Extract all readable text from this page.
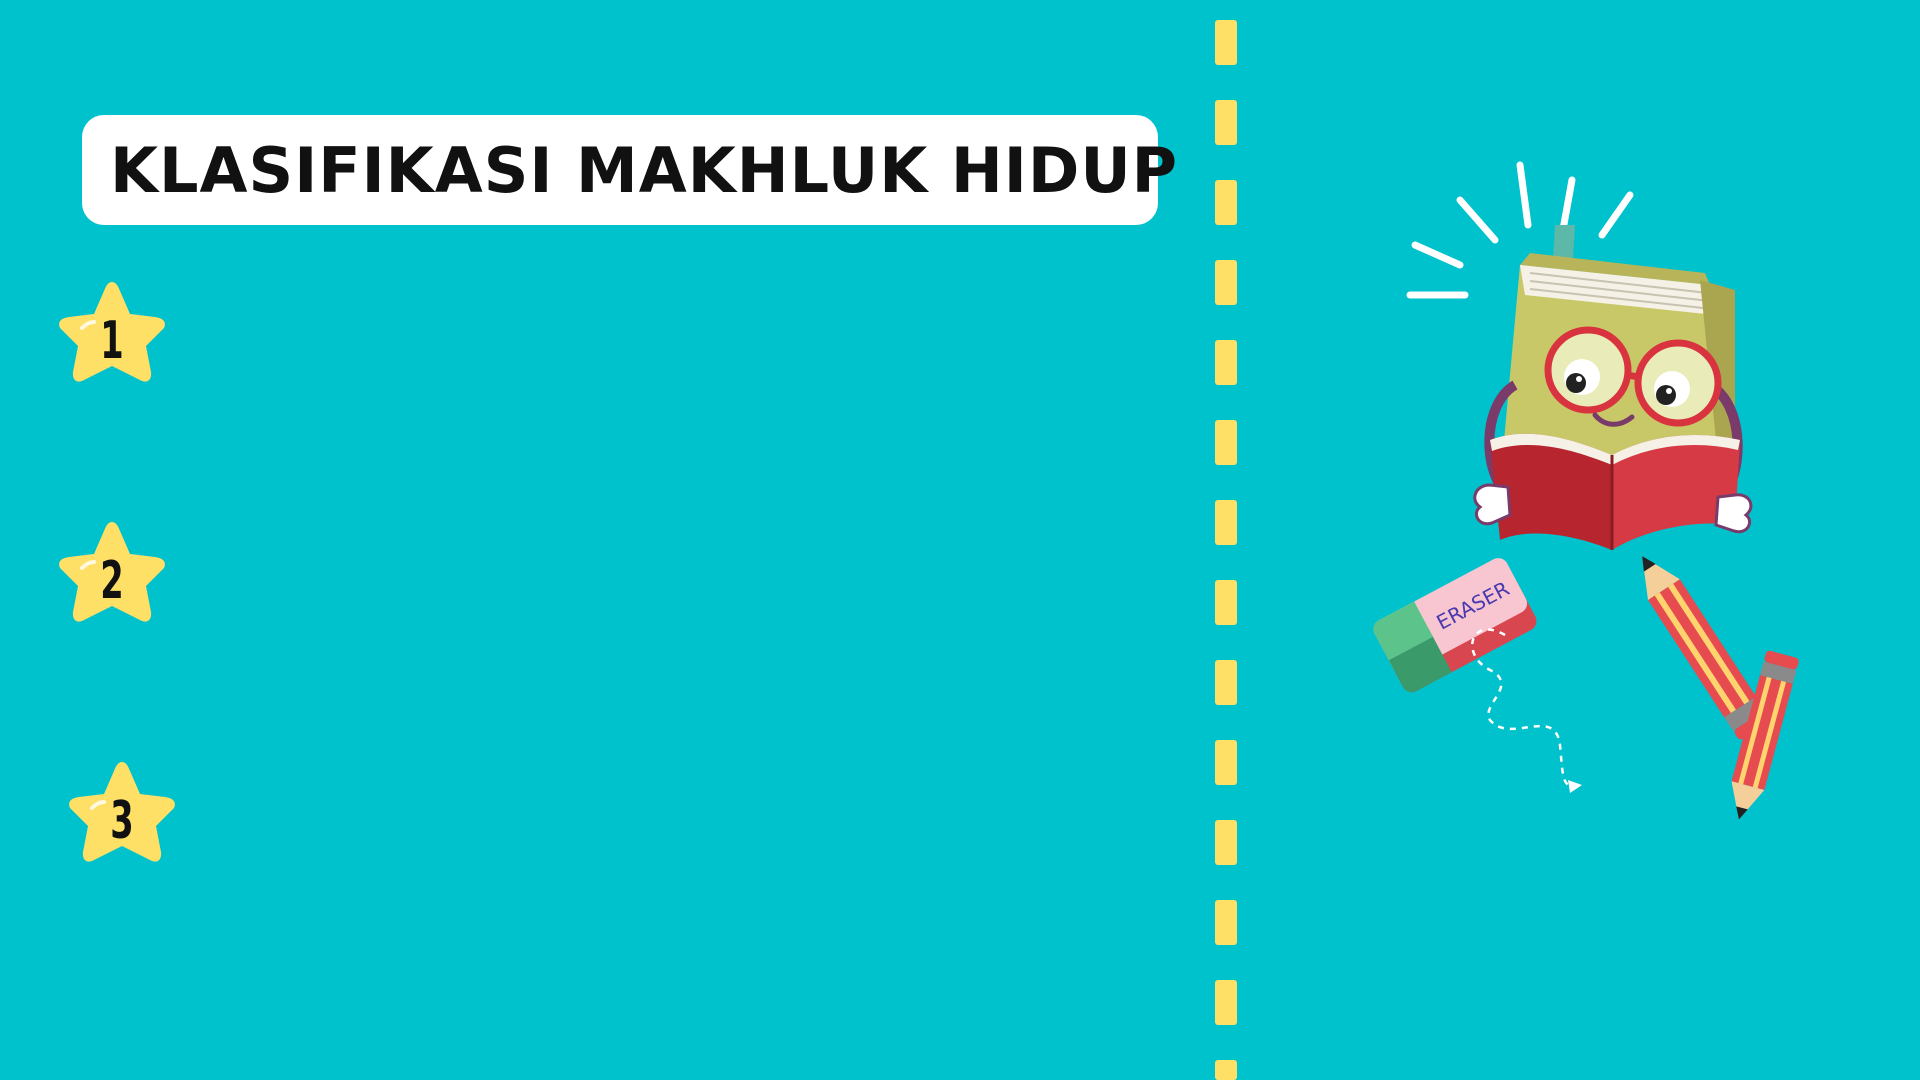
KLASIFIKASI MAKHLUK HIDUP
1
2
3
ERASER
